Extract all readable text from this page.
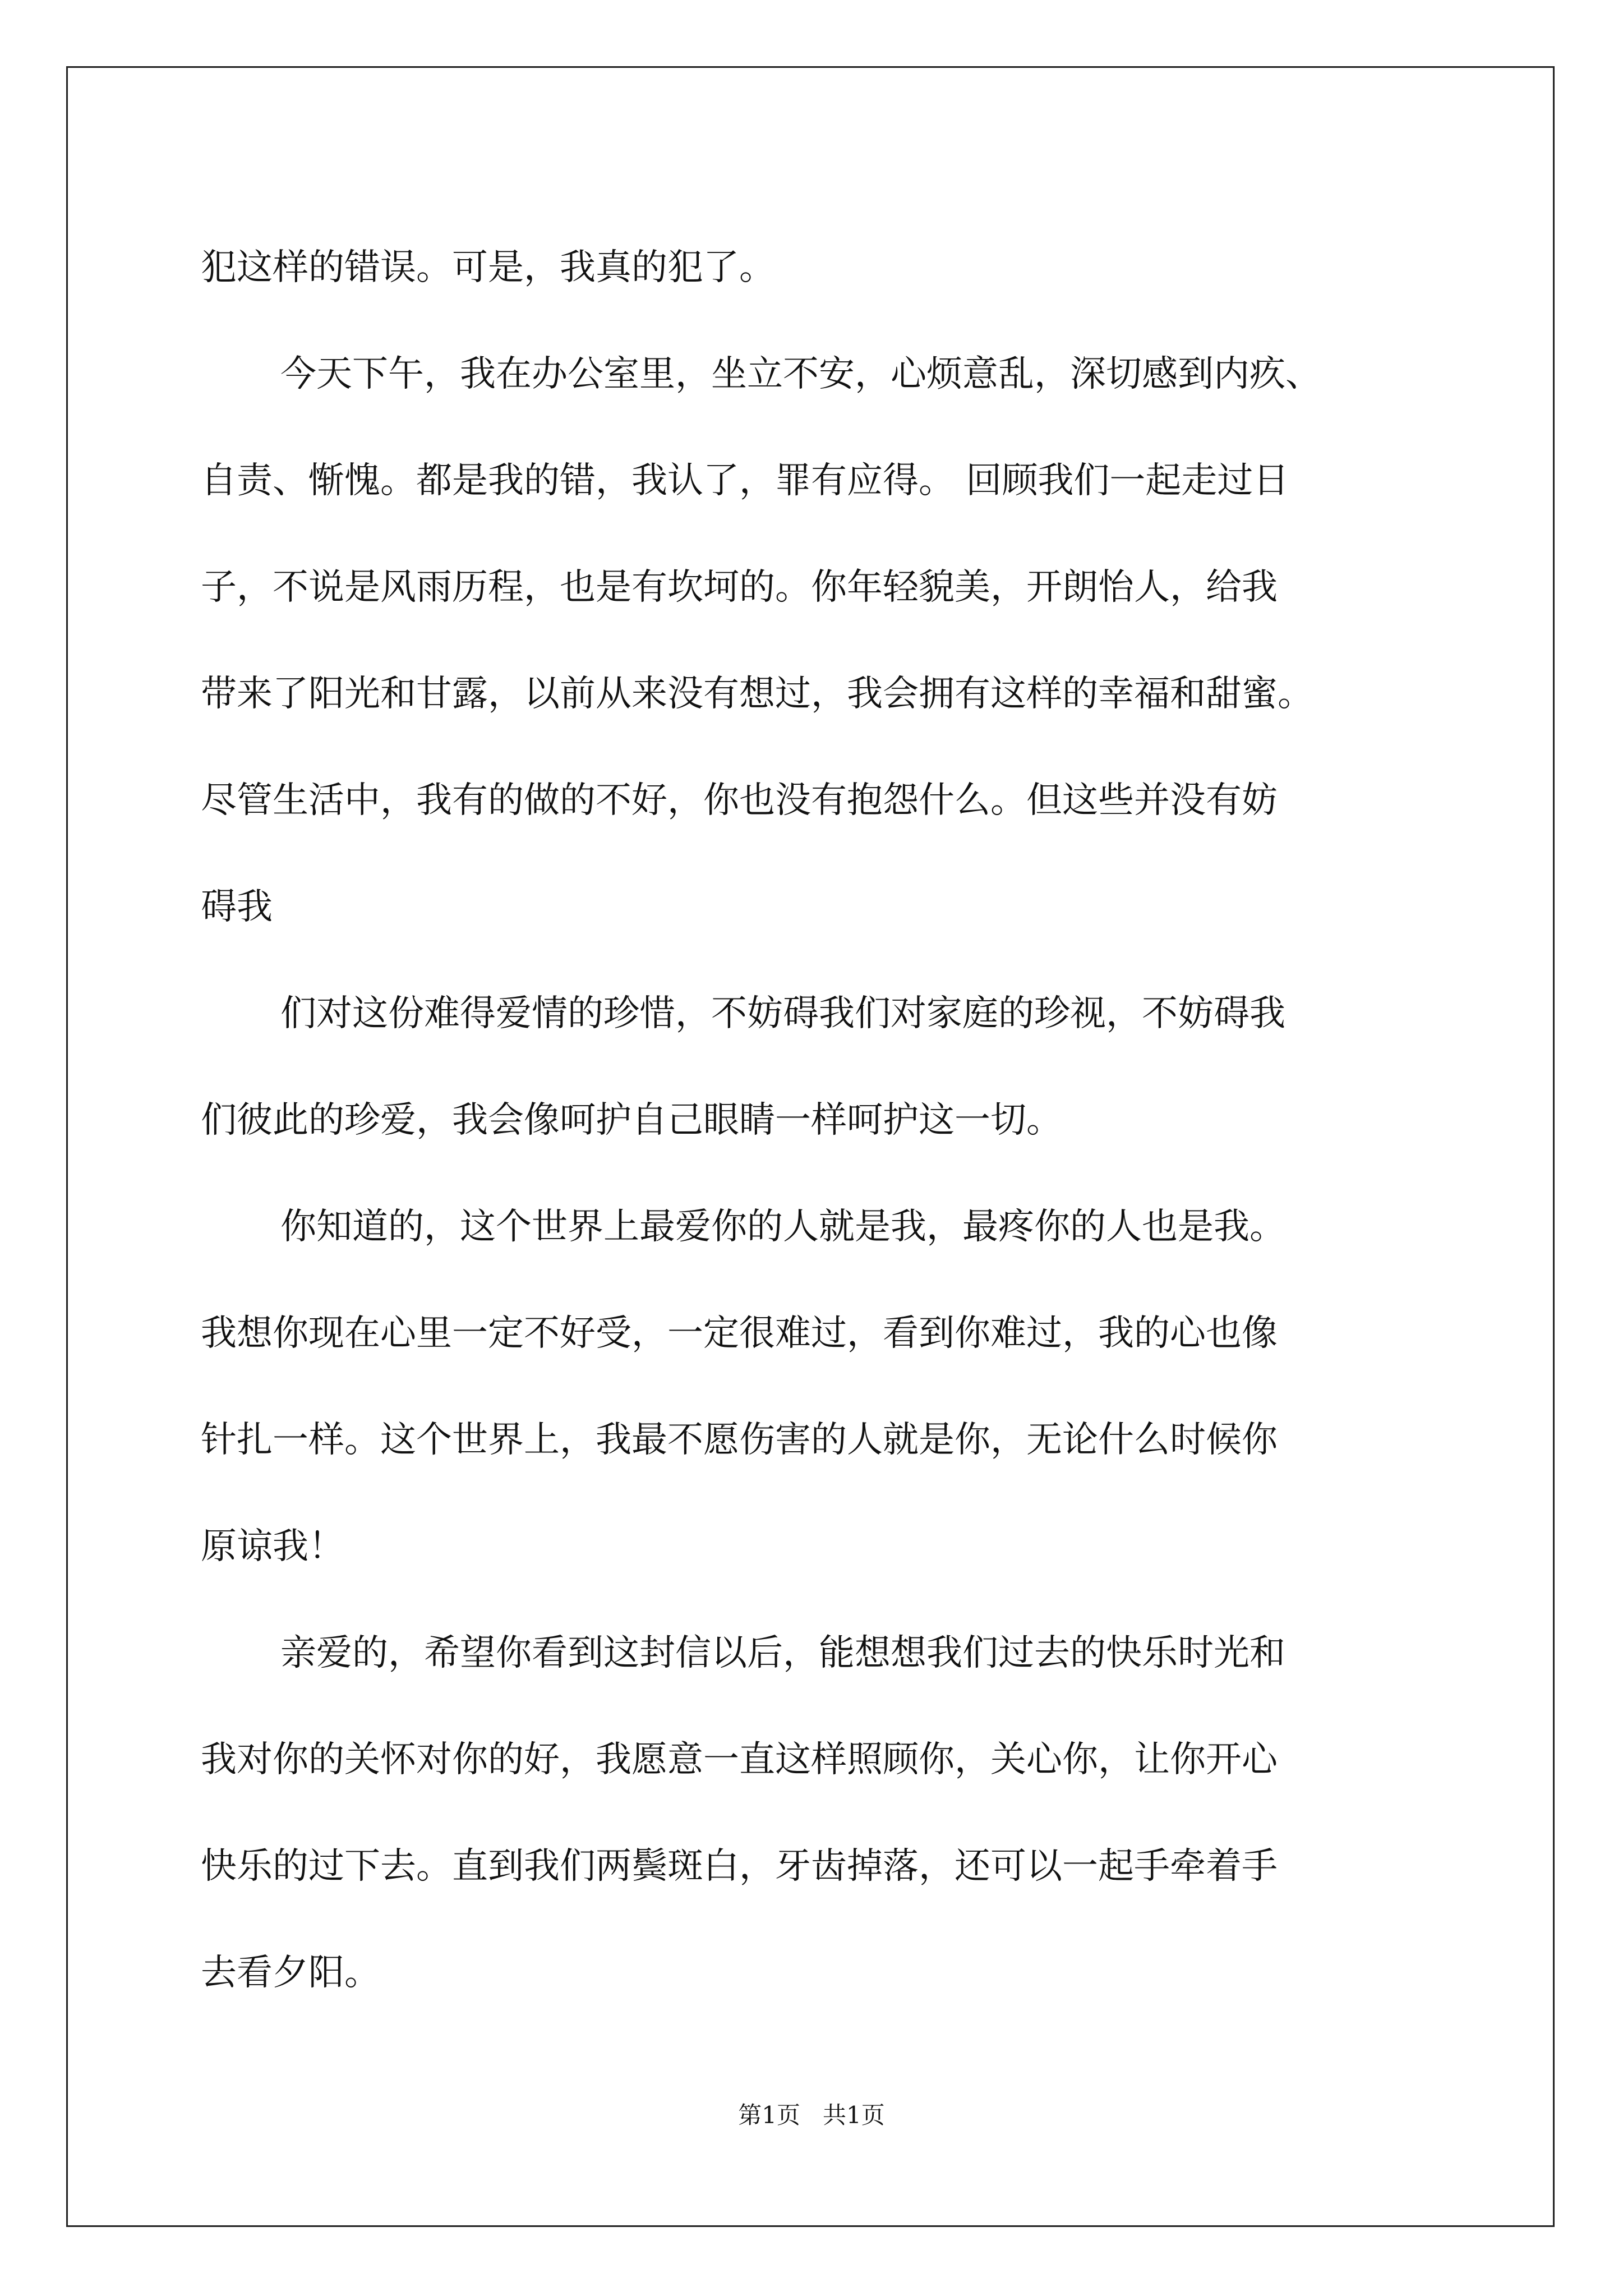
犯这样的错误。可是，我真的犯了。
今天下午，我在办公室里，坐立不安，心烦意乱，深切感到内疚、
自责、惭愧。都是我的错，我认了，罪有应得。 回顾我们一起走过日
子，不说是风雨历程，也是有坎坷的。你年轻貌美，开朗怡人，给我
带来了阳光和甘露，以前从来没有想过，我会拥有这样的幸福和甜蜜。
尽管生活中，我有的做的不好，你也没有抱怨什么。但这些并没有妨
碍我
们对这份难得爱情的珍惜，不妨碍我们对家庭的珍视，不妨碍我
们彼此的珍爱，我会像呵护自己眼睛一样呵护这一切。
你知道的，这个世界上最爱你的人就是我，最疼你的人也是我。
我想你现在心里一定不好受，一定很难过，看到你难过，我的心也像
针扎一样。这个世界上，我最不愿伤害的人就是你，无论什么时候你
原谅我！
亲爱的，希望你看到这封信以后，能想想我们过去的快乐时光和
我对你的关怀对你的好，我愿意一直这样照顾你，关心你，让你开心
快乐的过下去。直到我们两鬓斑白，牙齿掉落，还可以一起手牵着手
去看夕阳。
第1页 共1页
